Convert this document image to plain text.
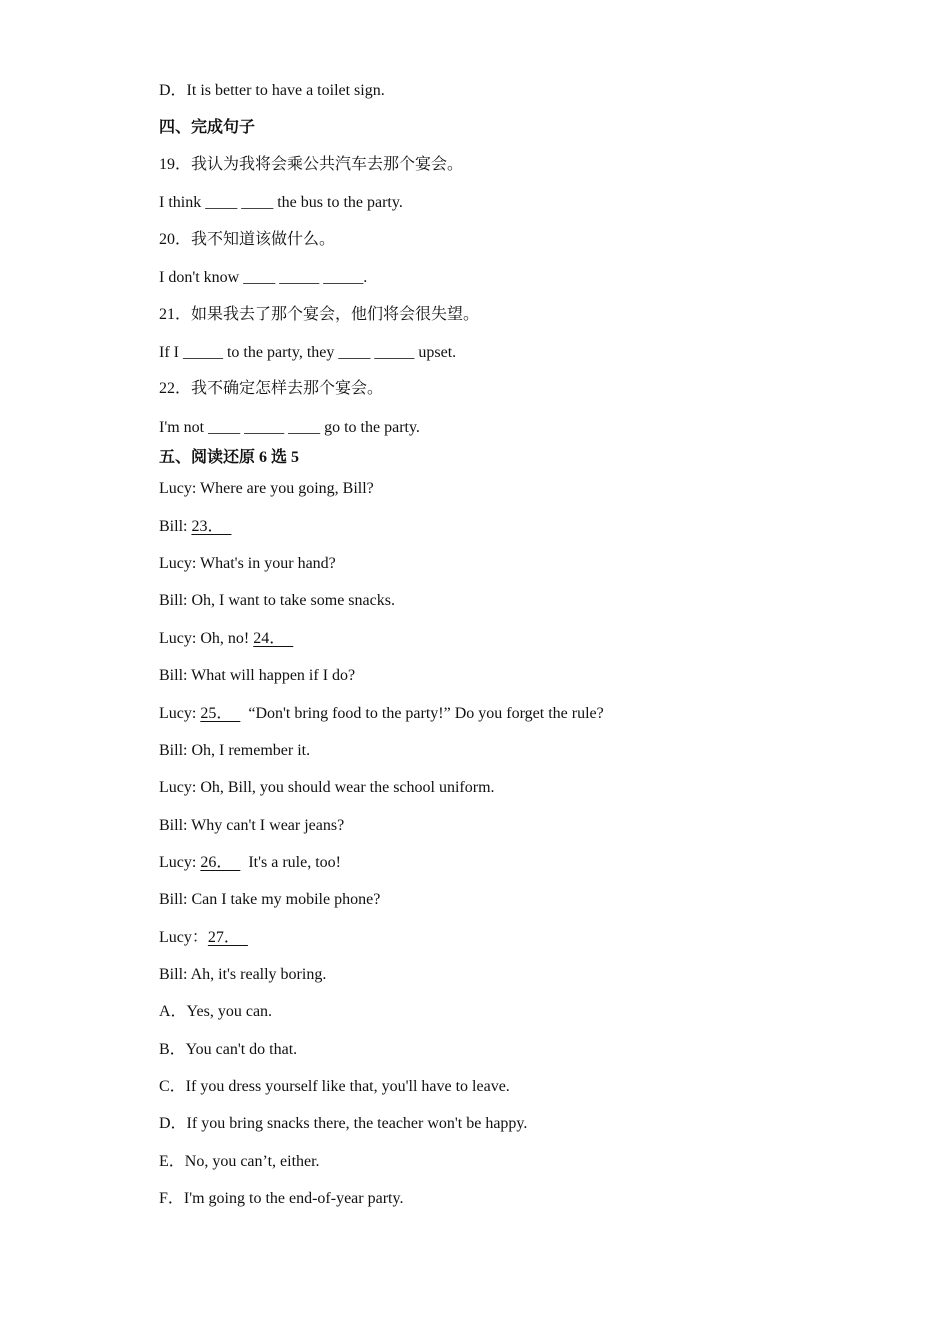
D．It is better to have a toilet sign.
四、完成句子
19．我认为我将会乘公共汽车去那个宴会。
I think ____ ____ the bus to the party.
20．我不知道该做什么。
I don't know ____ _____ _____.
21．如果我去了那个宴会，他们将会很失望。
If I _____ to the party, they ____ _____ upset.
22．我不确定怎样去那个宴会。
I'm not ____ _____ ____ go to the party.
五、阅读还原 6 选 5
Lucy: Where are you going, Bill?
Bill: 23．
Lucy: What's in your hand?
Bill: Oh, I want to take some snacks.
Lucy: Oh, no! 24．
Bill: What will happen if I do?
Lucy: 25．    “Don't bring food to the party!” Do you forget the rule?
Bill: Oh, I remember it.
Lucy: Oh, Bill, you should wear the school uniform.
Bill: Why can't I wear jeans?
Lucy: 26．    It's a rule, too!
Bill: Can I take my mobile phone?
Lucy：27．
Bill: Ah, it's really boring.
A．Yes, you can.
B．You can't do that.
C．If you dress yourself like that, you'll have to leave.
D．If you bring snacks there, the teacher won't be happy.
E．No, you can’t, either.
F．I'm going to the end-of-year party.
